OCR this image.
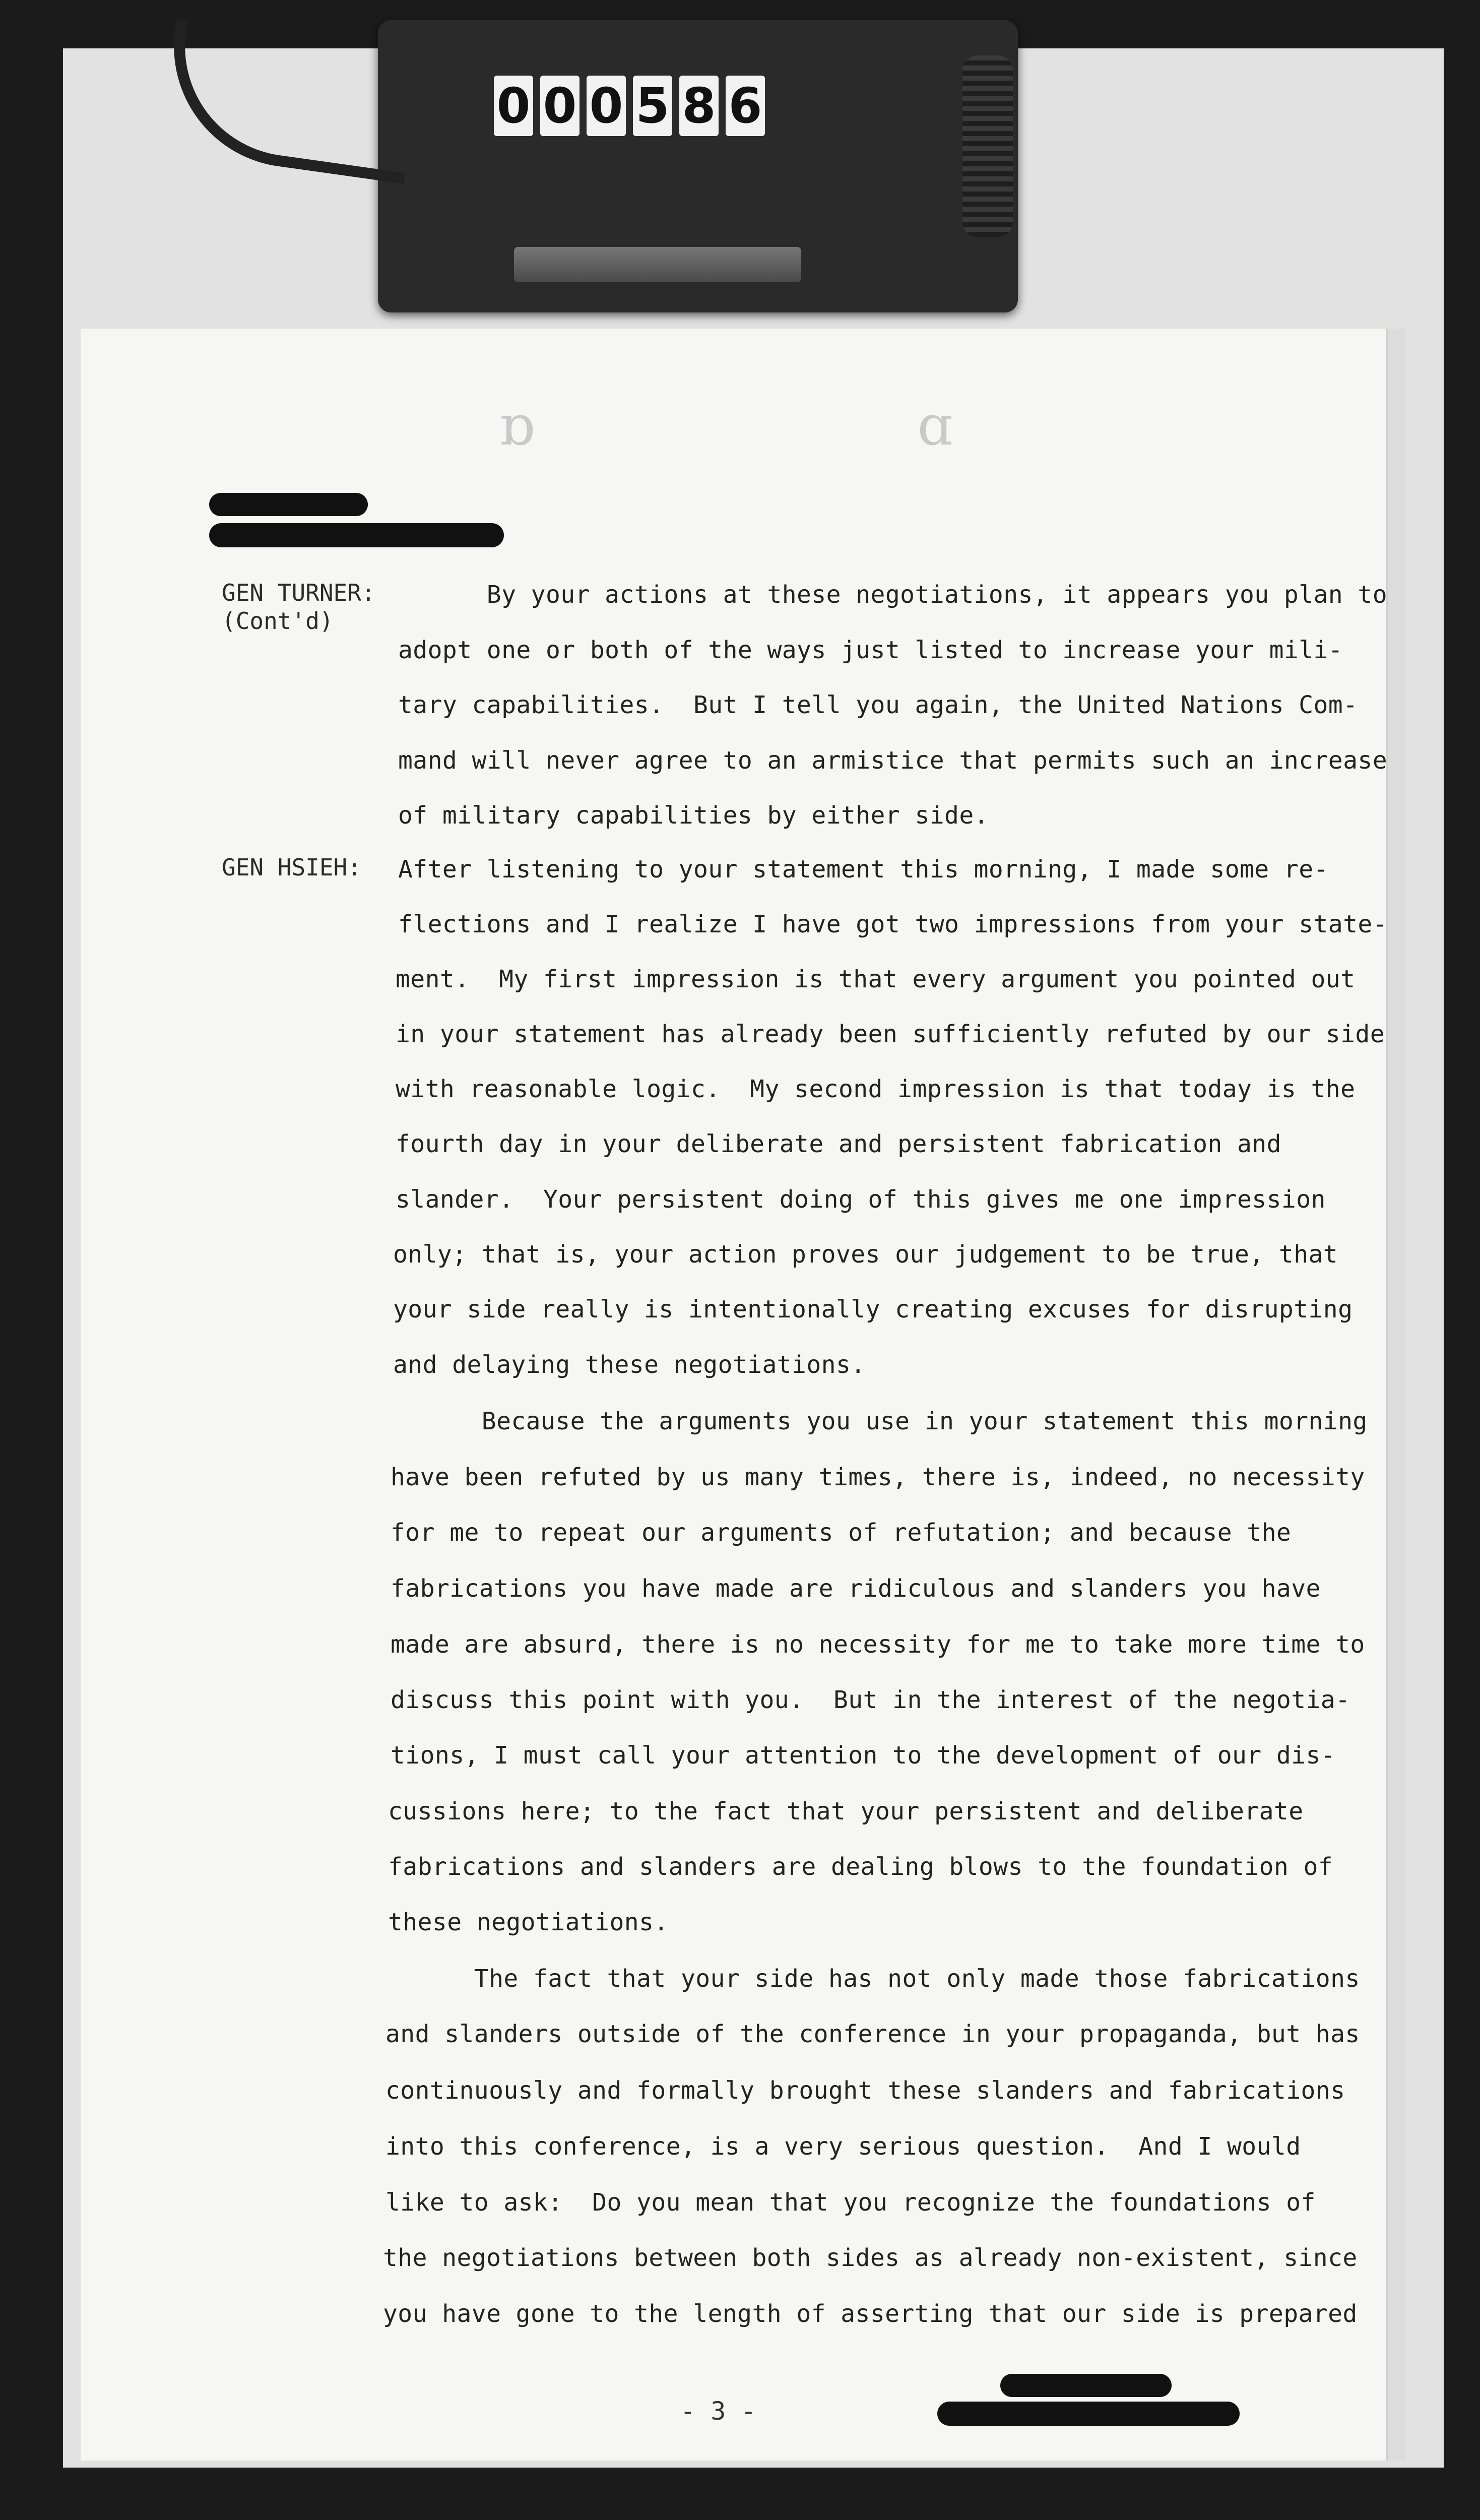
0 0 0 5 8 6
ɒɑ
GEN TURNER:
(Cont'd)
GEN HSIEH:
By your actions at these negotiations, it appears you plan to
adopt one or both of the ways just listed to increase your mili-
tary capabilities.  But I tell you again, the United Nations Com-
mand will never agree to an armistice that permits such an increase
of military capabilities by either side.
After listening to your statement this morning, I made some re-
flections and I realize I have got two impressions from your state-
ment.  My first impression is that every argument you pointed out
in your statement has already been sufficiently refuted by our side
with reasonable logic.  My second impression is that today is the
fourth day in your deliberate and persistent fabrication and
slander.  Your persistent doing of this gives me one impression
only; that is, your action proves our judgement to be true, that
your side really is intentionally creating excuses for disrupting
and delaying these negotiations.
Because the arguments you use in your statement this morning
have been refuted by us many times, there is, indeed, no necessity
for me to repeat our arguments of refutation; and because the
fabrications you have made are ridiculous and slanders you have
made are absurd, there is no necessity for me to take more time to
discuss this point with you.  But in the interest of the negotia-
tions, I must call your attention to the development of our dis-
cussions here; to the fact that your persistent and deliberate
fabrications and slanders are dealing blows to the foundation of
these negotiations.
The fact that your side has not only made those fabrications
and slanders outside of the conference in your propaganda, but has
continuously and formally brought these slanders and fabrications
into this conference, is a very serious question.  And I would
like to ask:  Do you mean that you recognize the foundations of
the negotiations between both sides as already non-existent, since
you have gone to the length of asserting that our side is prepared
- 3 -
